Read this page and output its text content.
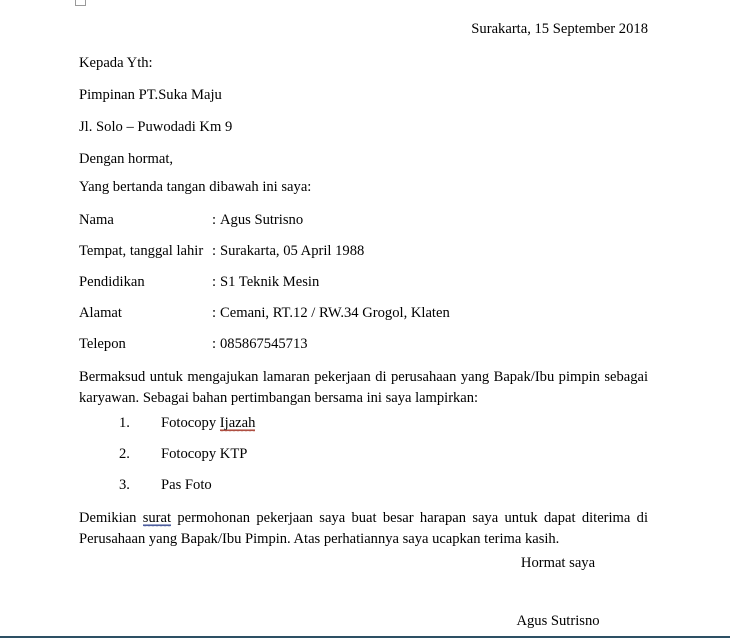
Surakarta, 15 September 2018
Kepada Yth:
Pimpinan PT.Suka Maju
Jl. Solo – Puwodadi Km 9
Dengan hormat,
Yang bertanda tangan dibawah ini saya:
Nama	: Agus Sutrisno
Tempat, tanggal lahir : Surakarta, 05 April 1988
Pendidikan	: S1 Teknik Mesin
Alamat	: Cemani, RT.12 / RW.34 Grogol, Klaten
Telepon	: 085867545713
Bermaksud untuk mengajukan lamaran pekerjaan di perusahaan yang Bapak/Ibu pimpin sebagai karyawan. Sebagai bahan pertimbangan bersama ini saya lampirkan:
1.	Fotocopy Ijazah
2.	Fotocopy KTP
3.	Pas Foto
Demikian surat permohonan pekerjaan saya buat besar harapan saya untuk dapat diterima di Perusahaan yang Bapak/Ibu Pimpin. Atas perhatiannya saya ucapkan terima kasih.
Hormat saya
Agus Sutrisno
